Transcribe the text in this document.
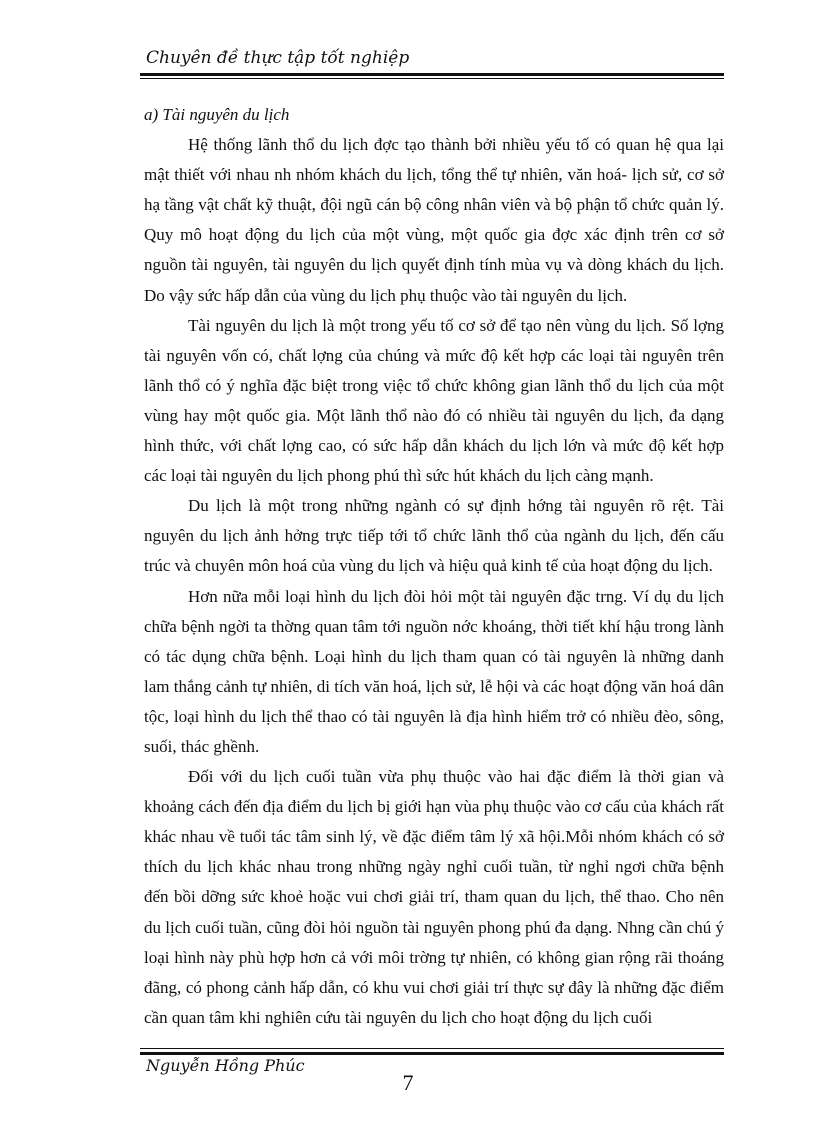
Chuyên đề thực tập tốt nghiệp

a) Tài nguyên du lịch

Hệ thống lãnh thổ du lịch đợc tạo thành bởi nhiều yếu tố có quan hệ qua lại mật thiết với nhau nh nhóm khách du lịch, tổng thể tự nhiên, văn hoá- lịch sử, cơ sở hạ tầng vật chất kỹ thuật, đội ngũ cán bộ công nhân viên và bộ phận tổ chức quản lý. Quy mô hoạt động du lịch của một vùng, một quốc gia đợc xác định trên cơ sở nguồn tài nguyên, tài nguyên du lịch quyết định tính mùa vụ và dòng khách du lịch. Do vậy sức hấp dẫn của vùng du lịch phụ thuộc vào tài nguyên du lịch.

Tài nguyên du lịch là một trong yếu tố cơ sở để tạo nên vùng du lịch. Số lợng tài nguyên vốn có, chất lợng của chúng và mức độ kết hợp các loại tài nguyên trên lãnh thổ có ý nghĩa đặc biệt trong việc tổ chức không gian lãnh thổ du lịch của một vùng hay một quốc gia. Một lãnh thổ nào đó có nhiều tài nguyên du lịch, đa dạng hình thức, với chất lợng cao, có sức hấp dẫn khách du lịch lớn và mức độ kết hợp các loại tài nguyên du lịch phong phú thì sức hút khách du lịch càng mạnh.

Du lịch là một trong những ngành có sự định hớng tài nguyên rõ rệt. Tài nguyên du lịch ảnh hởng trực tiếp tới tổ chức lãnh thổ của ngành du lịch, đến cấu trúc và chuyên môn hoá của vùng du lịch và hiệu quả kinh tế của hoạt động du lịch.

Hơn nữa mỗi loại hình du lịch đòi hỏi một tài nguyên đặc trng. Ví dụ du lịch chữa bệnh ngời ta thờng quan tâm tới nguồn nớc khoáng, thời tiết khí hậu trong lành có tác dụng chữa bệnh. Loại hình du lịch tham quan có tài nguyên là những danh lam thắng cảnh tự nhiên, di tích văn hoá, lịch sử, lễ hội và các hoạt động văn hoá dân tộc, loại hình du lịch thể thao có tài nguyên là địa hình hiểm trở có nhiều đèo, sông, suối, thác ghềnh.

Đối với du lịch cuối tuần vừa phụ thuộc vào hai đặc điểm là thời gian và khoảng cách đến địa điểm du lịch bị giới hạn vùa phụ thuộc vào cơ cấu của khách rất khác nhau về tuổi tác tâm sinh lý, về đặc điểm tâm lý xã hội.Mỗi nhóm khách có sở thích du lịch khác nhau trong những ngày nghỉ cuối tuần, từ nghỉ ngơi chữa bệnh đến bồi dỡng sức khoẻ hoặc vui chơi giải trí, tham quan du lịch, thể thao. Cho nên du lịch cuối tuần, cũng đòi hỏi nguồn tài nguyên phong phú đa dạng. Nhng cần chú ý loại hình này phù hợp hơn cả với môi trờng tự nhiên, có không gian rộng rãi thoáng đãng, có phong cảnh hấp dẫn, có khu vui chơi giải trí thực sự đây là những đặc điểm cần quan tâm khi nghiên cứu tài nguyên du lịch cho hoạt động du lịch cuối

Nguyễn Hồng Phúc
7
